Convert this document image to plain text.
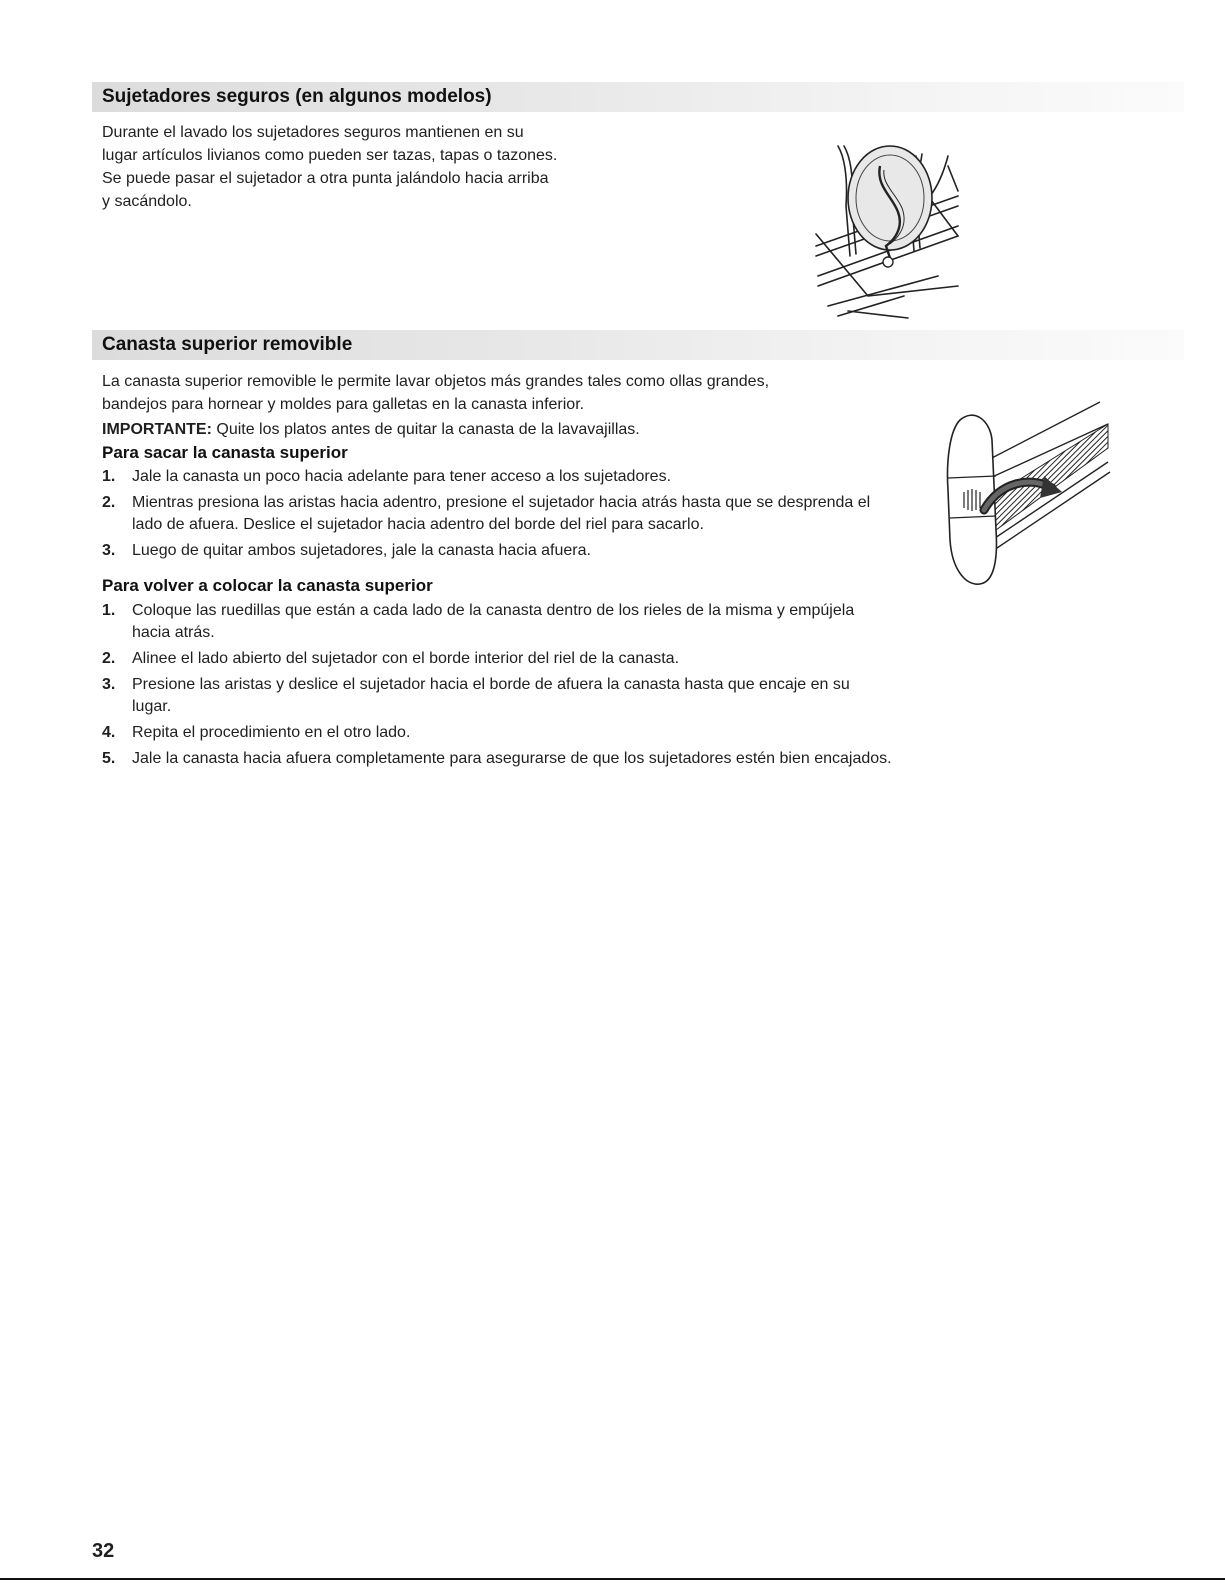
Sujetadores seguros (en algunos modelos)

Durante el lavado los sujetadores seguros mantienen en su
lugar artículos livianos como pueden ser tazas, tapas o tazones.
Se puede pasar el sujetador a otra punta jalándolo hacia arriba
y sacándolo.

Canasta superior removible

La canasta superior removible le permite lavar objetos más grandes tales como ollas grandes,
bandejos para hornear y moldes para galletas en la canasta inferior.

IMPORTANTE: Quite los platos antes de quitar la canasta de la lavavajillas.

Para sacar la canasta superior
1. Jale la canasta un poco hacia adelante para tener acceso a los sujetadores.
2. Mientras presiona las aristas hacia adentro, presione el sujetador hacia atrás hasta que se desprenda el lado de afuera. Deslice el sujetador hacia adentro del borde del riel para sacarlo.
3. Luego de quitar ambos sujetadores, jale la canasta hacia afuera.
Para volver a colocar la canasta superior
1. Coloque las ruedillas que están a cada lado de la canasta dentro de los rieles de la misma y empújela hacia atrás.
2. Alinee el lado abierto del sujetador con el borde interior del riel de la canasta.
3. Presione las aristas y deslice el sujetador hacia el borde de afuera la canasta hasta que encaje en su lugar.
4. Repita el procedimiento en el otro lado.
5. Jale la canasta hacia afuera completamente para asegurarse de que los sujetadores estén bien encajados.

32
